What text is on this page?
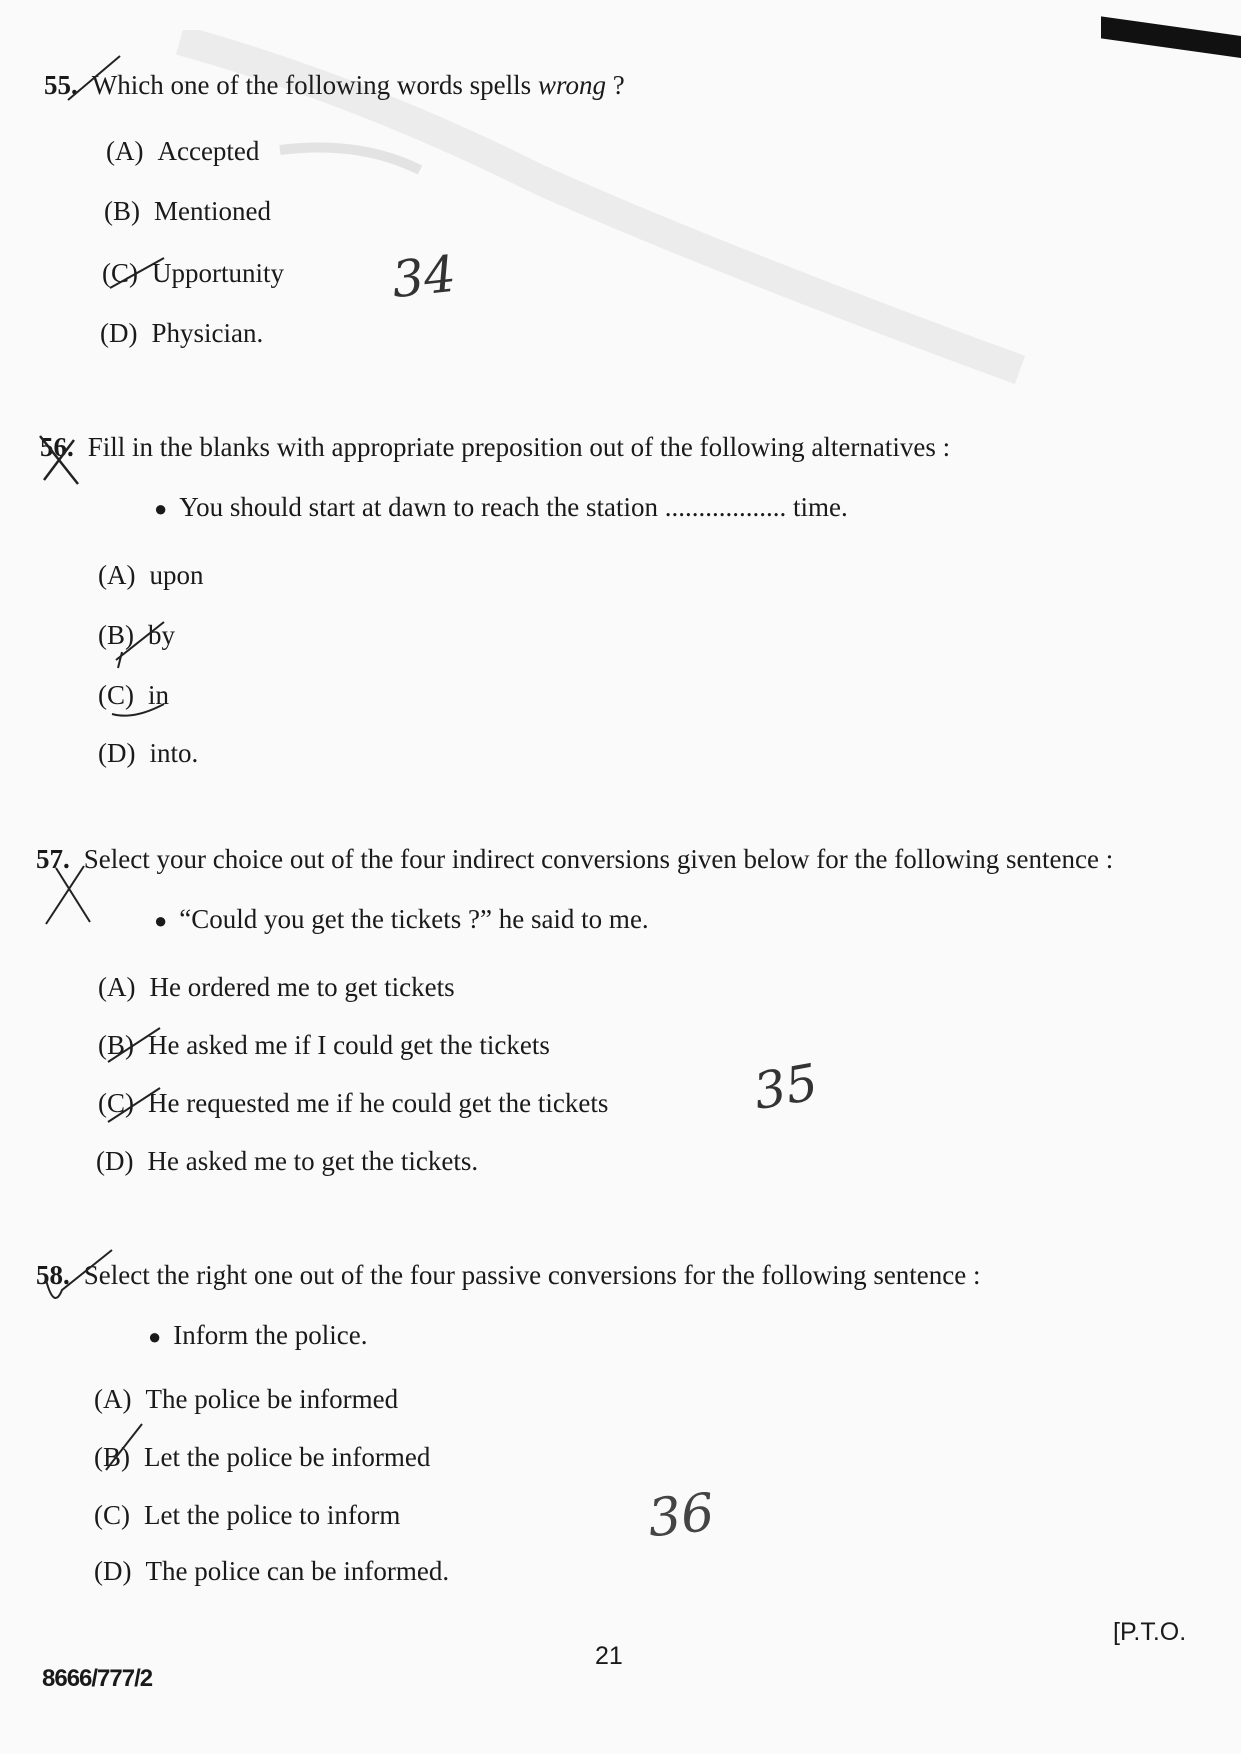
55. Which one of the following words spells wrong ?
(A) Accepted
(B) Mentioned
(C) Upportunity
(D) Physician.
56. Fill in the blanks with appropriate preposition out of the following alternatives :
● You should start at dawn to reach the station .................. time.
(A) upon
(B) by
(C) in
(D) into.
57. Select your choice out of the four indirect conversions given below for the following sentence :
● “Could you get the tickets ?” he said to me.
(A) He ordered me to get tickets
(B) He asked me if I could get the tickets
(C) He requested me if he could get the tickets
(D) He asked me to get the tickets.
58. Select the right one out of the four passive conversions for the following sentence :
● Inform the police.
(A) The police be informed
(B) Let the police be informed
(C) Let the police to inform
(D) The police can be informed.
34
35
36
8666/777/2
21
[P.T.O.
